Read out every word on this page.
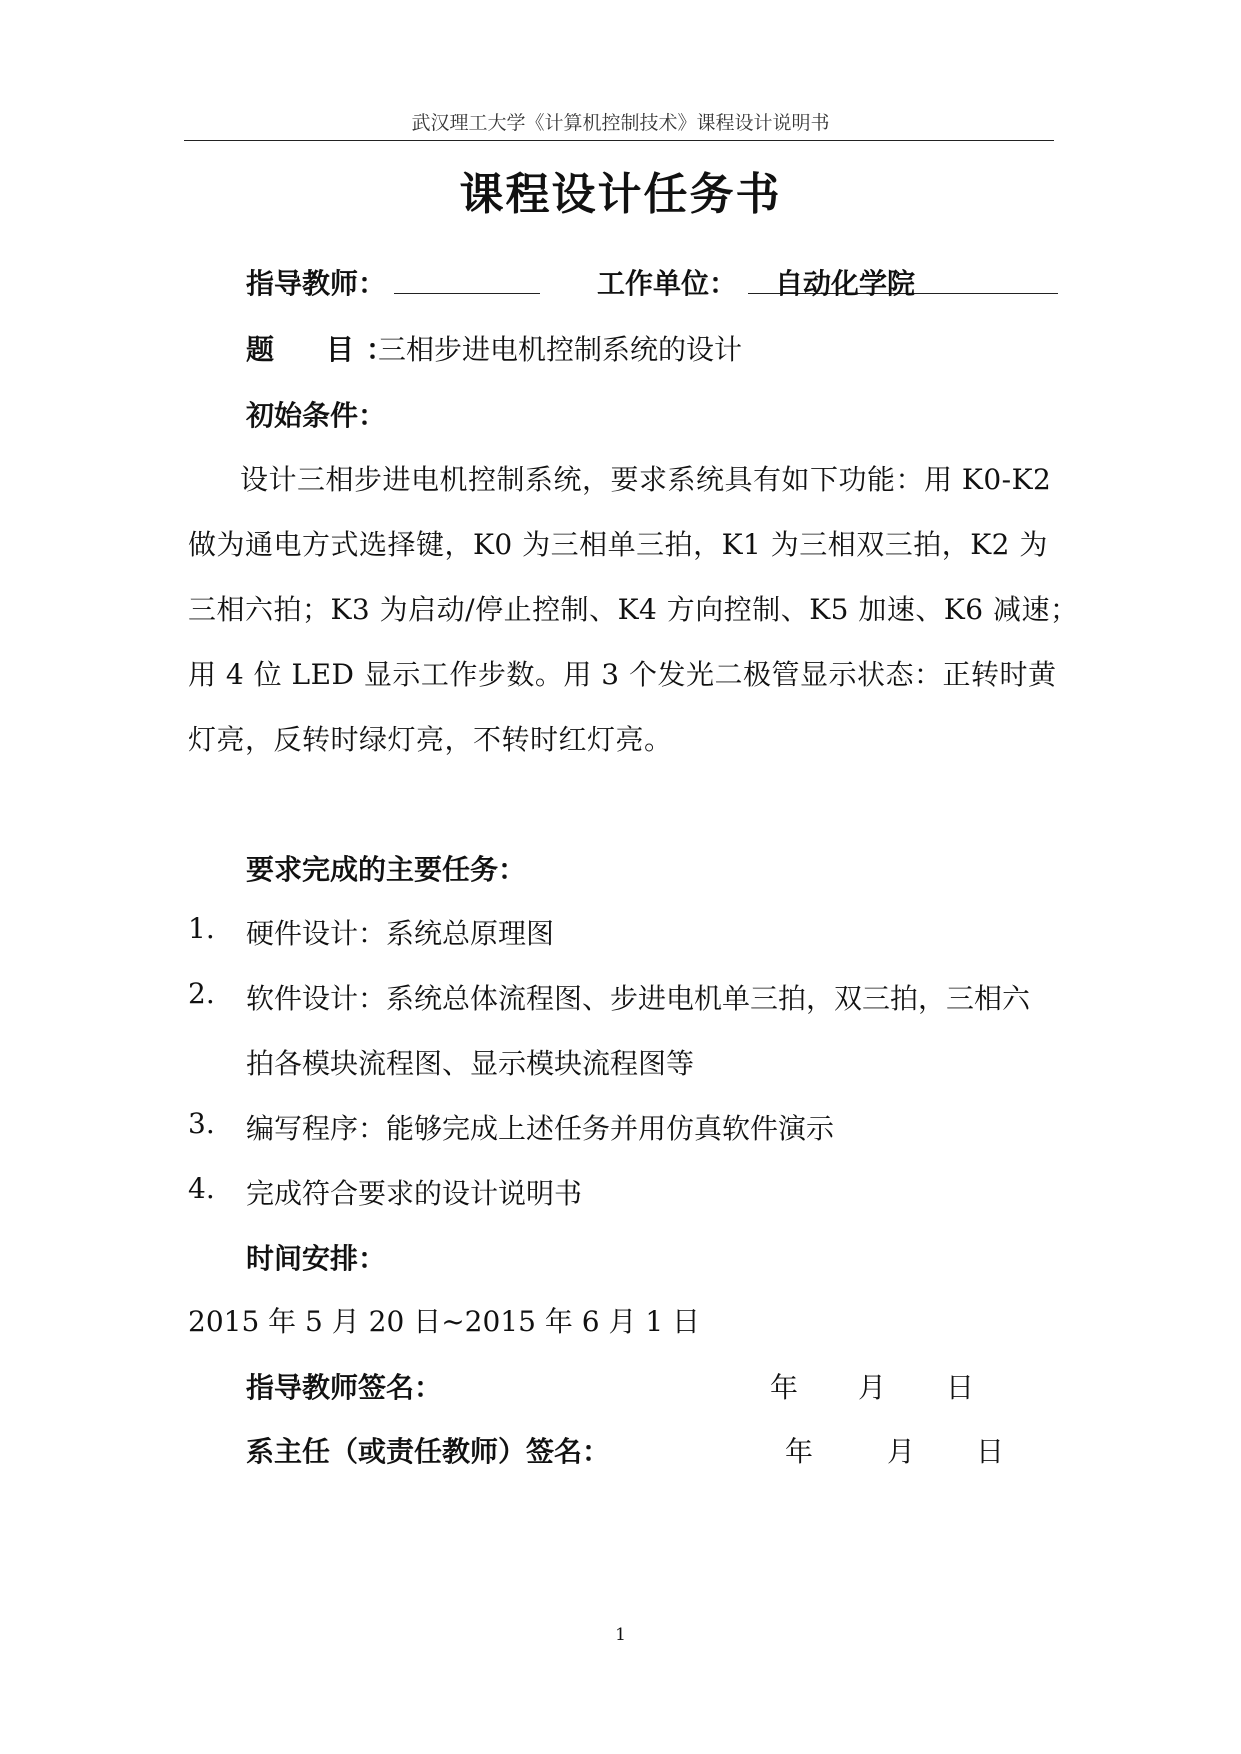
武汉理工大学《计算机控制技术》课程设计说明书
课程设计任务书
指导教师：	工作单位： 自动化学院
题　目：
三相步进电机控制系统的设计
初始条件：
设计三相步进电机控制系统，要求系统具有如下功能：用 K0-K2
做为通电方式选择键，K0 为三相单三拍，K1 为三相双三拍，K2 为
三相六拍；K3 为启动/停止控制、K4 方向控制、K5 加速、K6 减速；
用 4 位 LED 显示工作步数。用 3 个发光二极管显示状态：正转时黄
灯亮，反转时绿灯亮，不转时红灯亮。
要求完成的主要任务：
1. 硬件设计：系统总原理图
2. 软件设计：系统总体流程图、步进电机单三拍，双三拍，三相六
拍各模块流程图、显示模块流程图等
3. 编写程序：能够完成上述任务并用仿真软件演示
4. 完成符合要求的设计说明书
时间安排：
2015 年 5 月 20 日~2015 年 6 月 1 日
指导教师签名：	年 月 日
系主任（或责任教师）签名：	年	月 日
1
